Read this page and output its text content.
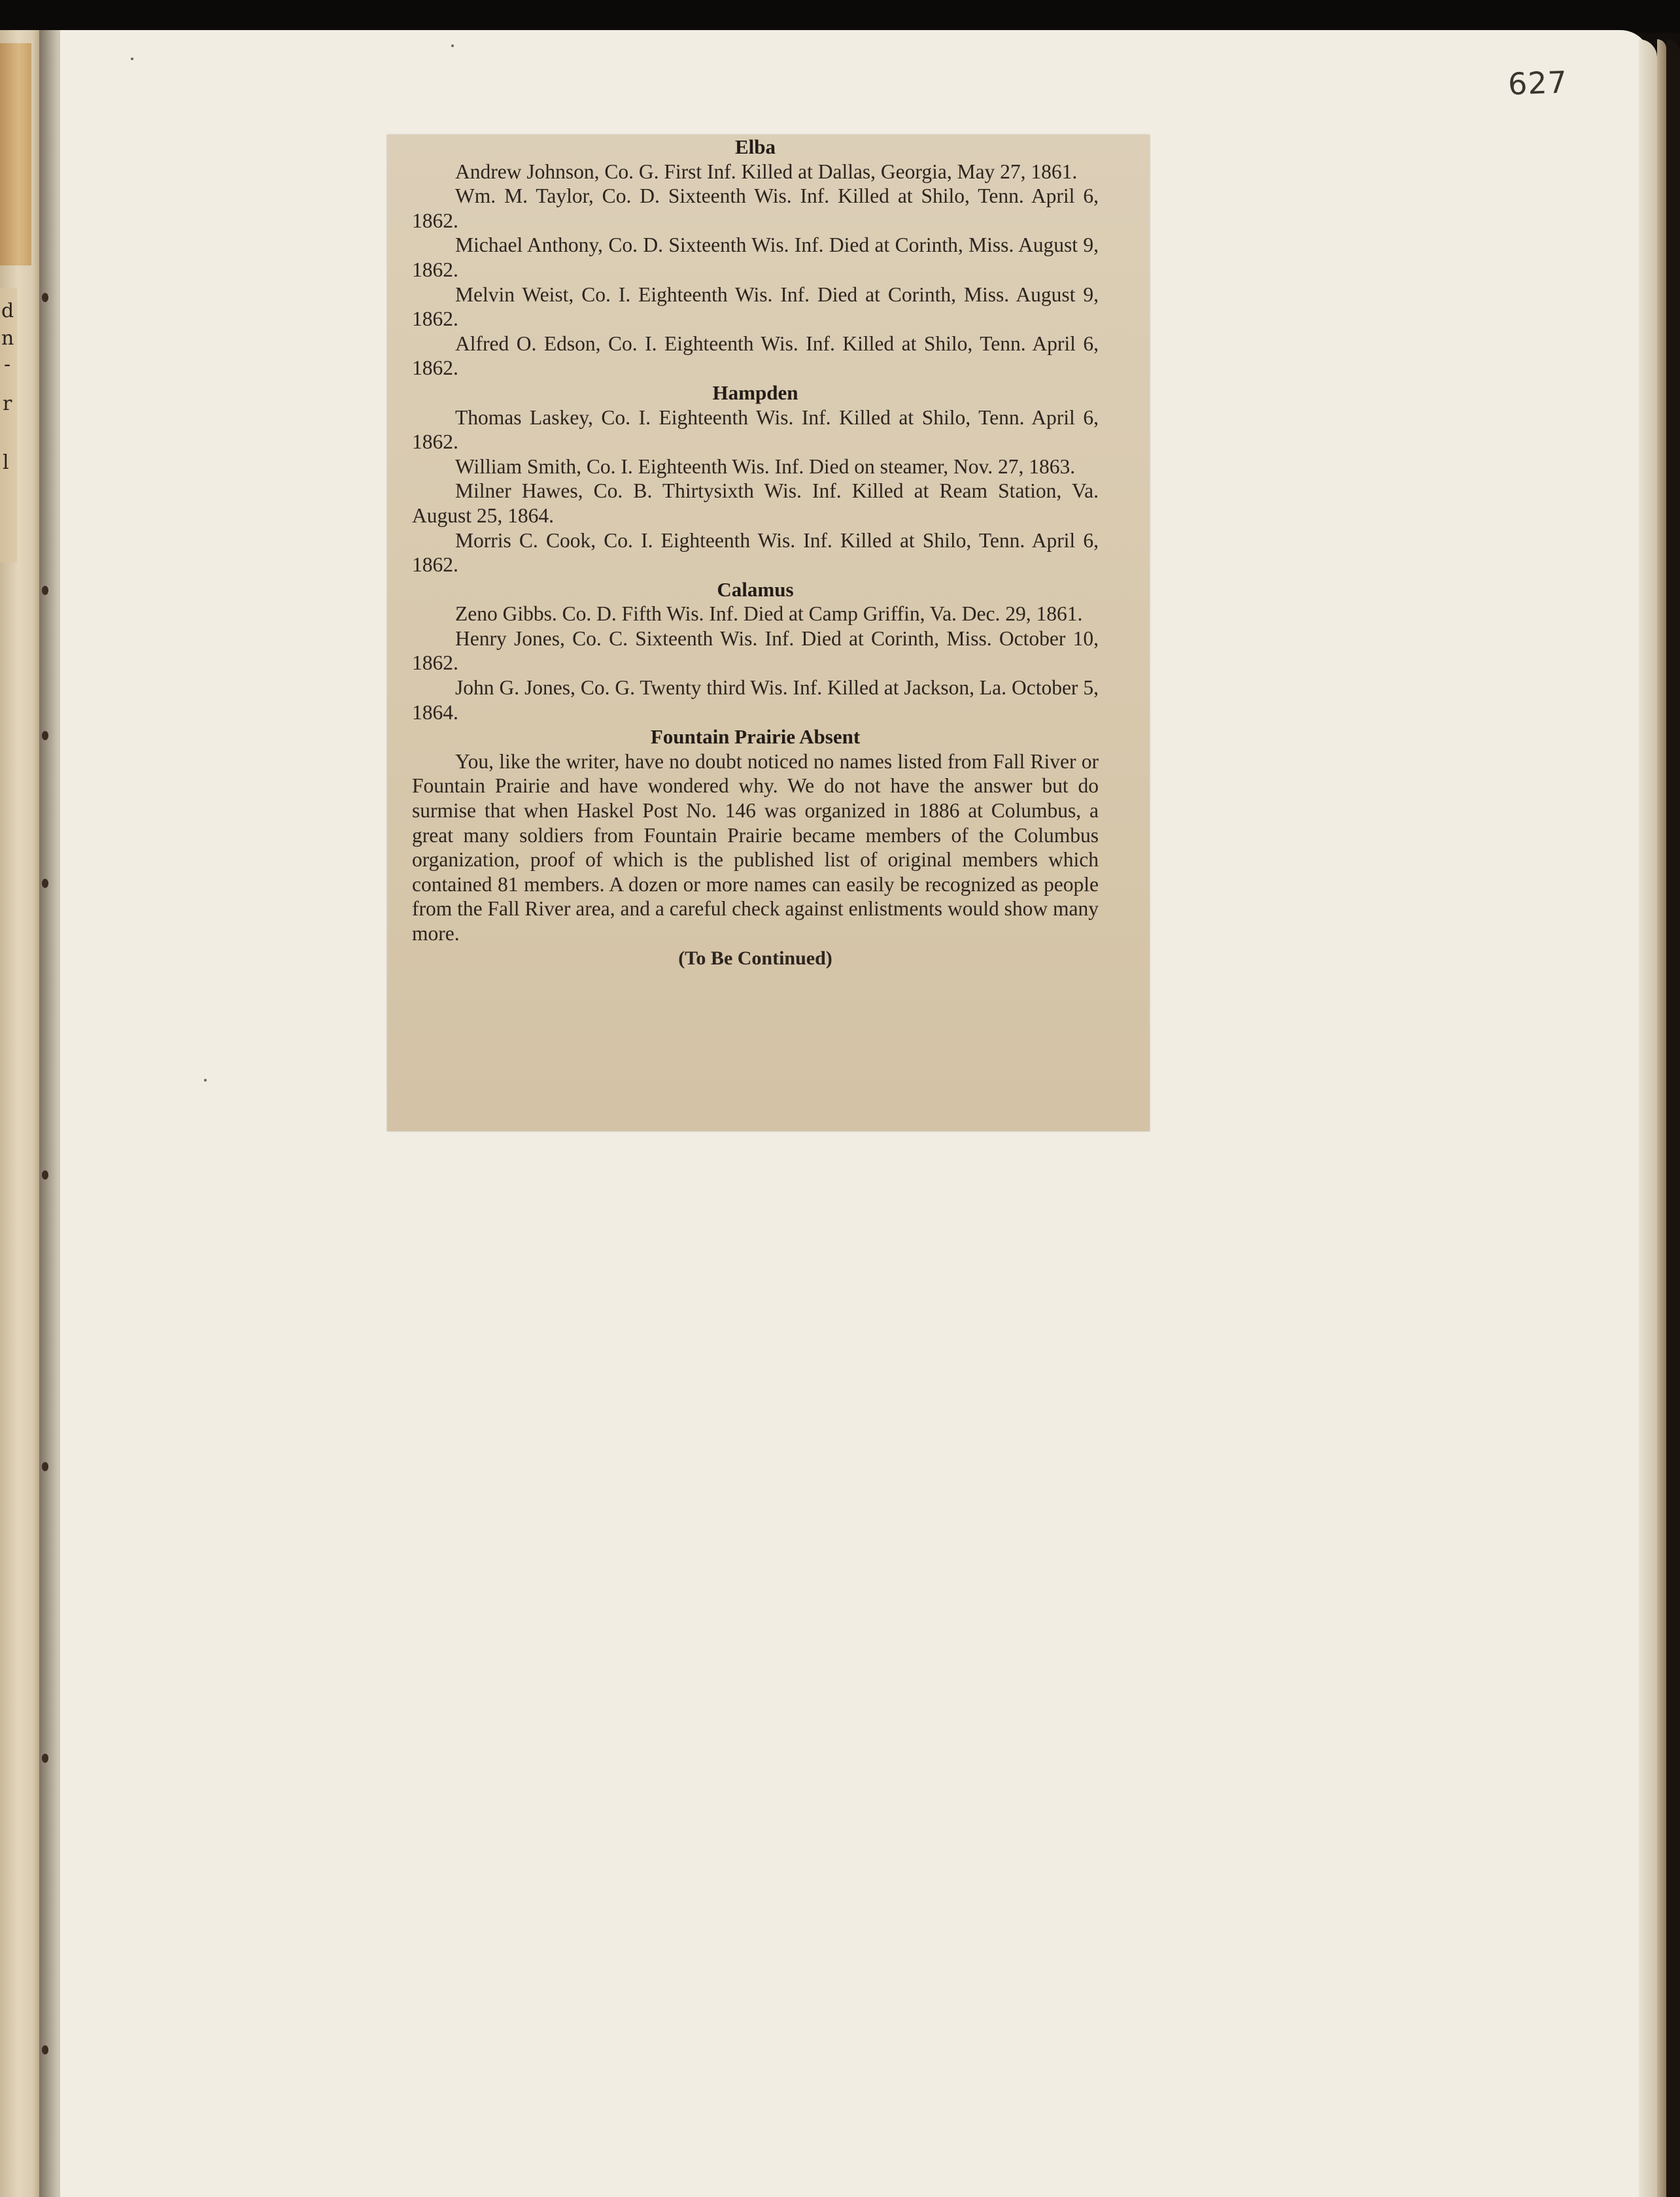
d
n
-
r
l
627
Elba

Andrew Johnson, Co. G. First Inf. Killed at Dallas, Georgia, May 27, 1861.

Wm. M. Taylor, Co. D. Sixteenth Wis. Inf. Killed at Shilo, Tenn. April 6, 1862.

Michael Anthony, Co. D. Sixteenth Wis. Inf. Died at Corinth, Miss. August 9, 1862.

Melvin Weist, Co. I. Eighteenth Wis. Inf. Died at Corinth, Miss. August 9, 1862.

Alfred O. Edson, Co. I. Eighteenth Wis. Inf. Killed at Shilo, Tenn. April 6, 1862.

Hampden

Thomas Laskey, Co. I. Eighteenth Wis. Inf. Killed at Shilo, Tenn. April 6, 1862.

William Smith, Co. I. Eighteenth Wis. Inf. Died on steamer, Nov. 27, 1863.

Milner Hawes, Co. B. Thirtysixth Wis. Inf. Killed at Ream Station, Va. August 25, 1864.

Morris C. Cook, Co. I. Eighteenth Wis. Inf. Killed at Shilo, Tenn. April 6, 1862.

Calamus

Zeno Gibbs. Co. D. Fifth Wis. Inf. Died at Camp Griffin, Va. Dec. 29, 1861.

Henry Jones, Co. C. Sixteenth Wis. Inf. Died at Corinth, Miss. October 10, 1862.

John G. Jones, Co. G. Twenty third Wis. Inf. Killed at Jackson, La. October 5, 1864.

Fountain Prairie Absent

You, like the writer, have no doubt noticed no names listed from Fall River or Fountain Prairie and have wondered why. We do not have the answer but do surmise that when Haskel Post No. 146 was organized in 1886 at Columbus, a great many soldiers from Fountain Prairie became members of the Columbus organization, proof of which is the published list of original members which contained 81 members. A dozen or more names can easily be recognized as people from the Fall River area, and a careful check against enlistments would show many more.

(To Be Continued)
